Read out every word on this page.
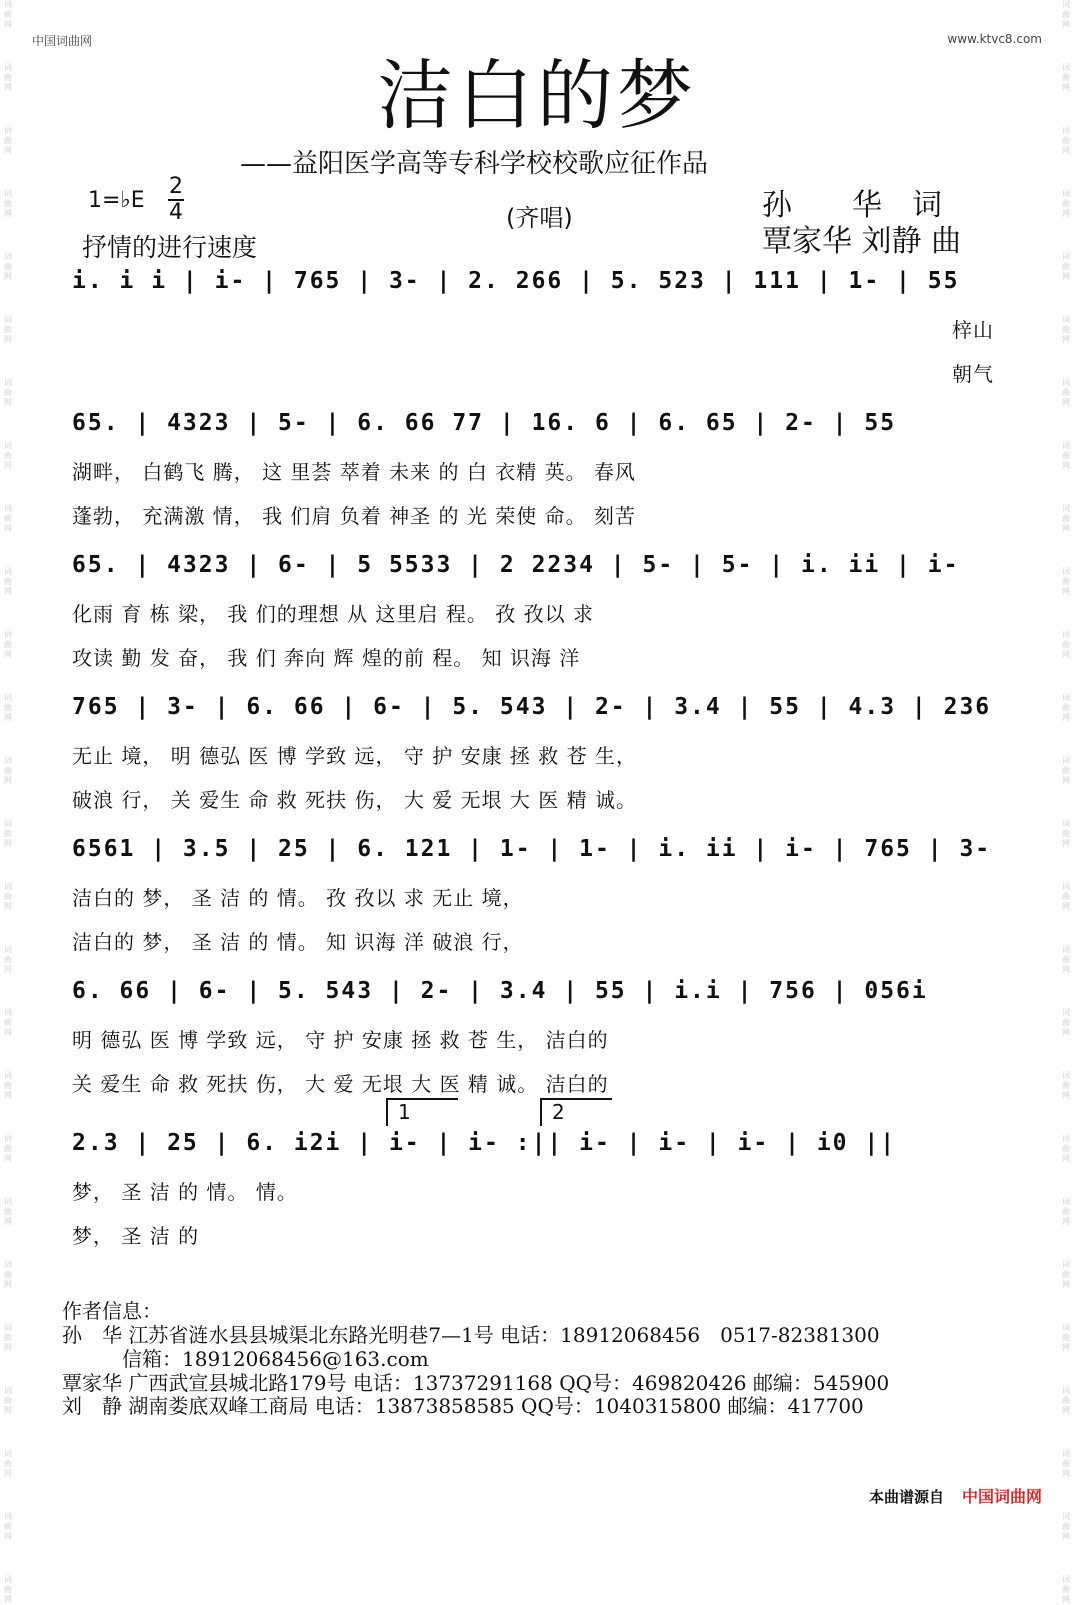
词
曲
网
词
曲
网
词
曲
网
词
曲
网
词
曲
网
词
曲
网
词
曲
网
词
曲
网
词
曲
网
词
曲
网
词
曲
网
词
曲
网
词
曲
网
词
曲
网
词
曲
网
词
曲
网
词
曲
网
词
曲
网
词
曲
网
词
曲
网
词
曲
网
词
曲
网
词
曲
网
词
曲
网
词
曲
网
词
曲
网
词
曲
网
词
曲
网
词
曲
网
词
曲
网
词
曲
网
词
曲
网
词
曲
网
词
曲
网
词
曲
网
词
曲
网
词
曲
网
词
曲
网
词
曲
网
词
曲
网
词
曲
网
词
曲
网
词
曲
网
词
曲
网
词
曲
网
词
曲
网
词
曲
网
词
曲
网
词
曲
网
词
曲
网
词
曲
网
词
曲
网
中国词曲网	www.ktvc8.com
洁白的梦
——益阳医学高等专科学校校歌应征作品
1=♭E
2
4
抒情的进行速度
(齐唱)	孙　　华　词
覃家华 刘静 曲
i. i i | i- | 765 | 3- | 2. 266 | 5. 523 | 111 | 1- | 55
梓山
朝气
65. | 4323 | 5- | 6. 66 77 | 16. 6 | 6. 65 | 2- | 55
湖畔， 白鹤飞 腾， 这 里荟 萃着 未来 的 白 衣精 英。 春风
蓬勃， 充满激 情， 我 们肩 负着 神圣 的 光 荣使 命。 刻苦
65. | 4323 | 6- | 5 5533 | 2 2234 | 5- | 5- | i. ii | i-
化雨 育 栋 梁， 我 们的理想 从 这里启 程。 孜 孜以 求
攻读 勤 发 奋， 我 们 奔向 辉 煌的前 程。 知 识海 洋
765 | 3- | 6. 66 | 6- | 5. 543 | 2- | 3.4 | 55 | 4.3 | 236
无止 境， 明 德弘 医 博 学致 远， 守 护 安康 拯 救 苍 生，
破浪 行， 关 爱生 命 救 死扶 伤， 大 爱 无垠 大 医 精 诚。
6561 | 3.5 | 25 | 6. 121 | 1- | 1- | i. ii | i- | 765 | 3-
洁白的 梦， 圣 洁 的 情。 孜 孜以 求 无止 境，
洁白的 梦， 圣 洁 的 情。 知 识海 洋 破浪 行，
6. 66 | 6- | 5. 543 | 2- | 3.4 | 55 | i.i | 756 | 056i
明 德弘 医 博 学致 远， 守 护 安康 拯 救 苍 生， 洁白的
关 爱生 命 救 死扶 伤， 大 爱 无垠 大 医 精 诚。 洁白的
2.3 | 25 | 6. i2i | i- | i- :|| i- | i- | i- | i0 ||
梦， 圣 洁 的 情。 情。
梦， 圣 洁 的
作者信息：
孙　华 江苏省涟水县县城渠北东路光明巷7—1号 电话：18912068456　0517-82381300
　　　信箱：18912068456@163.com
覃家华 广西武宣县城北路179号 电话：13737291168 QQ号：469820426 邮编：545900
刘　静 湖南娄底双峰工商局 电话：13873858585 QQ号：1040315800 邮编：417700
本曲谱源自 中国词曲网
1	2
